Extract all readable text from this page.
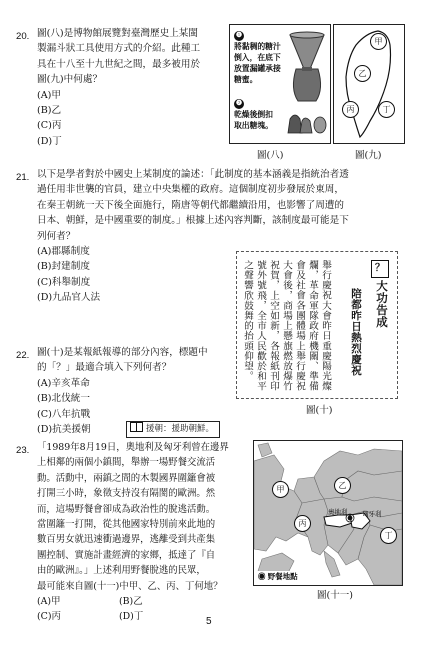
20. 圖(八)是博物館展覽對臺灣歷史上某閩
製漏斗狀工具使用方式的介紹。此種工
具在十八至十九世紀之間，最多被用於
圖(九)中何處？
(A)甲
(B)乙
(C)丙
(D)丁
❶
將黏稠的糖汁
倒入，在底下
放置漏罐承接
糖蜜。
❷
乾燥後倒扣
取出糖塊。
圖(八)
甲
乙
丙	丁
圖(九)
21. 以下是學者對於中國史上某制度的論述：「此制度的基本涵義是指統治者透
過任用非世襲的官員，建立中央集權的政府。這個制度初步發展於東周，
在秦王朝統一天下後全面施行，隋唐等朝代都繼續沿用，也影響了周遭的
日本、朝鮮，是中國重要的制度。」根據上述內容判斷，該制度最可能是下
列何者？
(A)郡縣制度
(B)封建制度
(C)科舉制度
(D)九品官人法
22. 圖(十)是某報紙報導的部分內容，標題中
的「？」最適合填入下列何者？
(A)辛亥革命
(B)北伐統一
(C)八年抗戰
(D)抗美援朝	援朝：援助朝鮮。
？
大功告成
陪都昨日熱烈慶祝
舉行慶祝大會昨日重慶陽光燦爛，革命軍隊政府機關、準備會及社會各團體場上舉行慶祝大會後，商場上懸旗燃放爆竹祝賀，上空如新，各報紙刊印號外號飛，全市人民歡於和平之聲響欣鼓舞的抬頭仰望。
圖(十)
23. 「1989年8月19日，奧地利及匈牙利曾在邊界
上相鄰的兩個小鎮間，舉辦一場野餐交流活
動。活動中，兩鎮之間的木製國界圍籬會被
打開三小時，象徵支持沒有隔閡的歐洲。然
而，這場野餐會卻成為政治性的脫逃活動。
當圍籬一打開，從其他國家特別前來此地的
數百男女就迅速衝過邊界，逃離受到共產集
團控制、實施計畫經濟的家鄉，抵達了『自
由的歐洲』。」上述利用野餐脫逃的民眾，
最可能來自圖(十一)中甲、乙、丙、丁何地？
(A)甲	(B)乙
(C)丙	(D)丁
甲	乙
丙
丁
奧地利 匈牙利
◉ 野餐地點
圖(十一)
5
